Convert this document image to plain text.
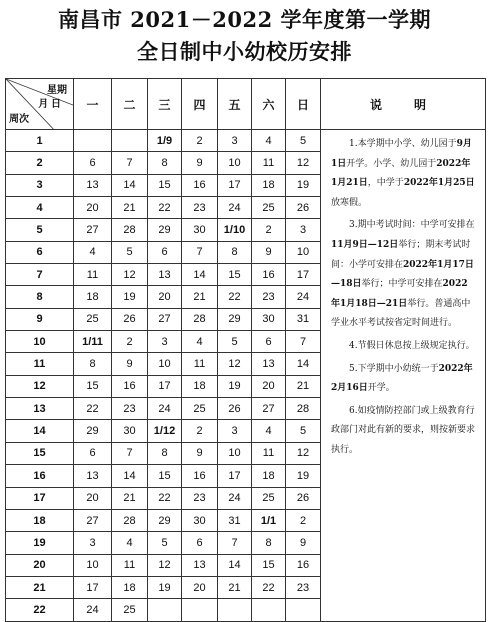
南昌市 2021－2022 学年度第一学期
全日制中小幼校历安排
星期
月 日
周次	一	二	三	四	五	六	日	说　明
1			1/9	2	3	4	5	1.本学期中小学、幼儿园于9月1日开学。小学、幼儿园于2022年1月21日，中学于2022年1月25日放寒假。
3.期中考试时间：中学可安排在11月9日—12日举行；期末考试时间：小学可安排在2022年1月17日—18日举行；中学可安排在2022年1月18日—21日举行。普通高中学业水平考试按省定时间进行。
4.节假日休息按上级规定执行。
5.下学期中小幼统一于2022年2月16日开学。
6.如疫情防控部门或上级教育行政部门对此有新的要求，则按新要求执行。

2	6	7	8	9	10	11	12	
3	13	14	15	16	17	18	19	
4	20	21	22	23	24	25	26	
5	27	28	29	30	1/10	2	3	
6	4	5	6	7	8	9	10	
7	11	12	13	14	15	16	17	
8	18	19	20	21	22	23	24	
9	25	26	27	28	29	30	31	
10	1/11	2	3	4	5	6	7	
11	8	9	10	11	12	13	14	
12	15	16	17	18	19	20	21	
13	22	23	24	25	26	27	28	
14	29	30	1/12	2	3	4	5	
15	6	7	8	9	10	11	12	
16	13	14	15	16	17	18	19	
17	20	21	22	23	24	25	26	
18	27	28	29	30	31	1/1	2	
19	3	4	5	6	7	8	9	
20	10	11	12	13	14	15	16	
21	17	18	19	20	21	22	23	
22	24	25						
